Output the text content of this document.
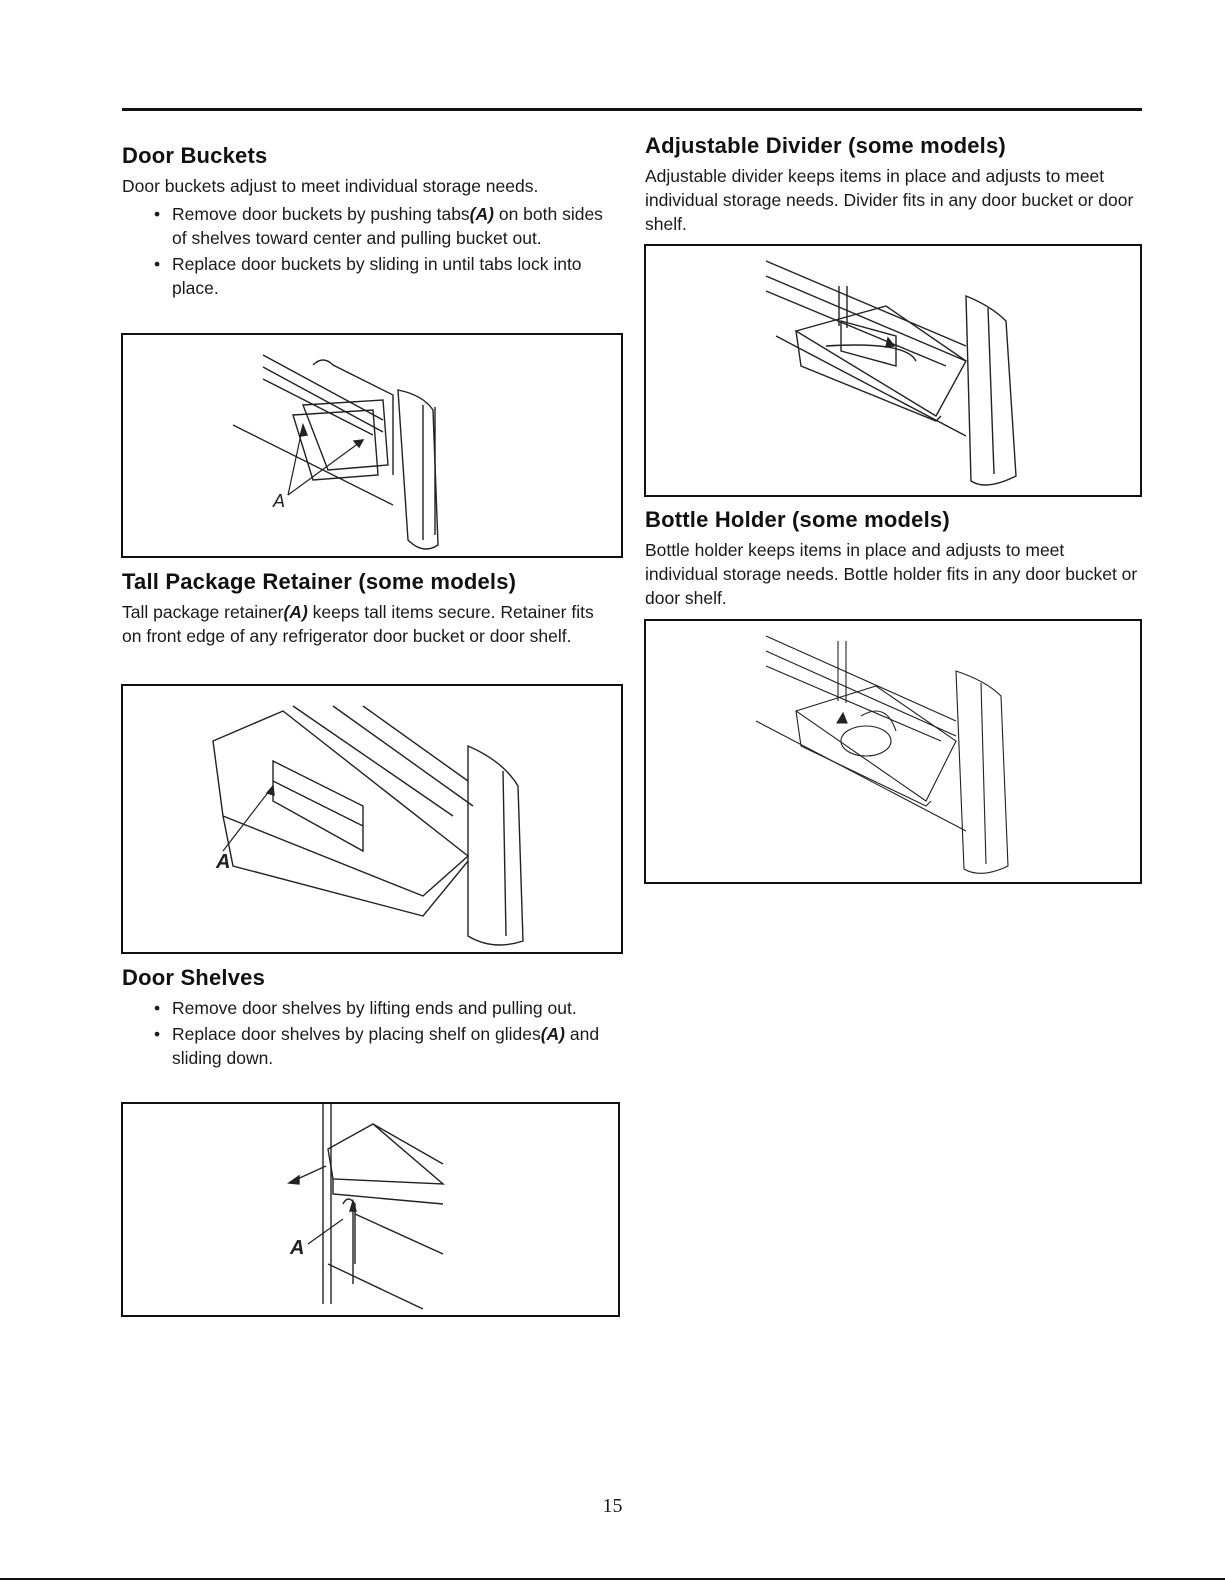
Door Buckets

Door buckets adjust to meet individual storage needs.

• Remove door buckets by pushing tabs(A) on both sides of shelves toward center and pulling bucket out.
• Replace door buckets by sliding in until tabs lock into place.
A
Tall Package Retainer (some models)

Tall package retainer(A) keeps tall items secure. Retainer fits on front edge of any refrigerator door bucket or door shelf.

A
Door Shelves
• Remove door shelves by lifting ends and pulling out.
• Replace door shelves by placing shelf on glides(A) and sliding down.
A
Adjustable Divider (some models)

Adjustable divider keeps items in place and adjusts to meet individual storage needs. Divider fits in any door bucket or door shelf.

Bottle Holder (some models)

Bottle holder keeps items in place and adjusts to meet individual storage needs. Bottle holder fits in any door bucket or door shelf.

15
